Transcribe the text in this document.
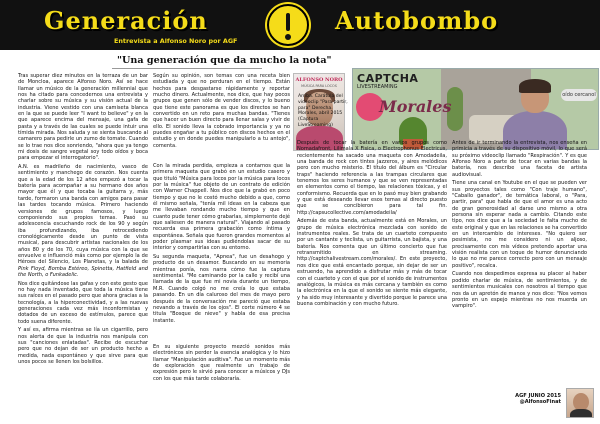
Generación	Autobombo
Entrevista a Alfonso Noro por AGF
"Una generación que da mucho la nota"

Tras superar diez minutos en la terraza de un bar de Moncloa, aparece Alfonso Noro. Así se hace llamar un músico de la generación millennial que nos ha citado para concedernos una entrevista y charlar sobre su música y su visión actual de la industria. Viene vestido con una camiseta blanca en la que se puede leer "I want to believe" y en la que aparece encima del mensaje, una gafa de pasta y a través de las cuales se puede intuir una tímida mirada. Nos saluda y se sienta buscando al camarero para pedirle un zumo de tomate. Cuando se lo trae nos dice sonriendo, "ahora que ya tengo mi dosis de sangre vegetal soy todo oídos y boca para empezar el interrogatorio".

A.N. es madrileño de nacimiento, vasco de sentimiento y manchego de corazón. Nos cuenta que a la edad de los 12 años empezó a tocar la batería para acompañar a su hermano dos años mayor que él y que tocaba la guitarra y, más tarde, formaron una banda con amigos para pasar las tardes tocando música. Primero haciendo versiones de grupos famosos, y luego componiendo sus propios temas. Pasó su adolescencia escuchando rock de los 90 y según iba profundizando, iba retrocediendo cronológicamente desde un punto de vista musical, para descubrir artistas nacionales de los años 80 y de los 70, cuya música con la que se envuelve e influenció más como por ejemplo la de Héroes del Silencio, Los Planetas, y la balada de Pink Floyd, Bomba Estéreo, Spinetta, Hatfield and the North, o Funkadelic.

Nos dice quitándose las gafas y con este gesto que no hay nada inventado, que toda la música tiene sus raíces en el pasado pero que ahora gracias a la tecnología, a la hiperconectividad, y a las nuevas generaciones cada vez más inconformistas y dotados de un exceso de estímulos, parece que todo suena diferente.

Y así es, afirma mientras se lía un cigarrillo, pero nos alerta de que la industria nos manipula con sus "canciones enlatadas". Recibe de escuchar pero que no dejan de ser un producto hecho a medida, nada espontáneo y que sirve para que unos pocos se llenen los bolsillos.

Según su opinión, son temas con una receta bien estudiada y que no perduran en el tiempo. Están hechos para desgastarse rápidamente y reportar mucho dinero. Actualmente, nos dice, que hay pocos grupos que genen sólo de vender discos, y lo bueno que tiene este panorama es que los directos se han convertido en un reto para muchas bandas. "Tienes que hacer un buen directo para llenar salas y vivir de ello. El sonido lleva la cobrado importancia y ya no puedes engañar a tu público con discos hechos en el estudio y en donde puedes manipularlo a tu antojo", comenta.

Con la mirada perdida, empieza a contarnos que la primera maqueta que grabó en un estudio casero y que tituló "Música para locos por la música para locos por la música" fue objeto de un contrato de edición con Warner Chappell. Nos dice que la grabó en poco tiempo y que no le costó mucho debido a que, como él mismo señala, "tenía mil ideas en la cabeza que me llevaban rondando mucho tiempo y que en cuanto pude tener cómo grabarlas, simplemente dejé que saliesen de manera natural". Viajando al pasado recuerda esa primera grabación como íntima y espontánea. Señala que fueron grandes momentos al poder plasmar sus ideas pudiéndolas sacar de su interior y compartirlas con su entorno.

Su segunda maqueta, "Apnea", fue un desahogo y producto de un desamor. Buscando en su memoria mientras ponía, nos narra cómo fue la captura sentimental. "Me caminando por la calle y recibí una llamada de la que fue mi novia durante un tiempo, M.R. Cuando colgó no me creía lo que estaba pasando. En un día caluroso del mes de mayo pero después de la conversación me pareció que estaba nevando a través de los ojos". El corte número 4 se titula "Bosque de nieve" y habla de esa precisa instante.

En su siguiente proyecto mezcló sonidos más electrónicos sin perder la esencia analógica y lo hizo llamar "Manipulación auditiva". Fue un momento más de exploración que realmente un trabajo de expresión pero le sirvió para conocer a músicos y DJs con los que más tarde colaboraría.

ALFONSO NORO
MÚSICA PARA LOCOS
Arriba. Carátula del videoclip "Para partir, para" Derecha. Morales, abril 2015 (Captura LiveStreaming)
CAPTCHA
LIVESTREAMING
Morales
oído cercanol

Después de tocar la batería en varios grupos como Nomadafront, Lilimala X Fisica, o Electrophonus Electricus, recientemente ha sacado una maqueta con Amodadeila, una banda de rock con tintes jazzeros, y aires melódicos pero con mucho misterio. El título del álbum es "Circular traps" haciendo referencia a las trampas circulares que tenemos los seres humanos y que se ven representadas en elementos como el tiempo, las relaciones tóxicas, y el conformismo. Recuerda que en lo pasó muy bien grabando y que está deseando llevar esos temas al directo puesto que se concibieron para tal fin. http://capsucollective.com/amodadeila/

Además de esta banda, actualmente está en Morales, un grupo de música electrónica mezclada con sonido de instrumentos reales. Se trata de un cuarteto compuesto por un cantante y teclista, un guitarrista, un bajista, y una batería. Nos comenta que un último concierto que fue retransmitido en streaming. http://captchalivestream.com/morales/. En este proyecto, nos dice que está encantado porque, sin dejar de ser un estruendo, ha aprendido a disfrutar más y más de tocar con el cuarteto y con el que por el sonido de instrumentos analógicos, la música es más cercana y también es como la electrónica en la que el sonido se siente más elegante, y ha sido muy interesante y divertido porque le parece una buena combinación y con mucho futuro.

Antes de ir terminando la entrevista, nos enseña en primicia a través de su dispositivo móvil, lo que será su próximo videoclip llamado "Respiración". Y es que Alfonso Noro a parte de tocar en varias bandas la batería, nos describe una faceta de artista audiovisual.

Tiene una canal en Youtube en el que se pueden ver sus proyectos tales como "Con traje humano", "Caballo ganador", de temática laboral, o "Para, partir, para" que habla de que el amor es una acto de gran generosidad al darse uno mismo a otra persona sin esperar nada a cambio. Citando este tipo, nos dice que a la sociedad le falta mucho de este original y que en las relaciones se ha convertido en un intercambio de intereses. "No quiero ser pesimista, no me considero ni un aljoso, precisamente con mis vídeos pretendo aportar una visión realista con un toque de humor denunciando lo que no me parece correcto pero con un mensaje positivo", recalca.

Cuando nos despedimos expresa su placer al haber podido charlar de música, de sentimientos, y de sentimientos musicales con nosotros al tiempo que nos da un apretón de manos y nos dice: "Nos vemos pronto en un espejo mientras no nos muerda un vampiro".

AGF JUNIO 2015
@AlfonsoFinat
